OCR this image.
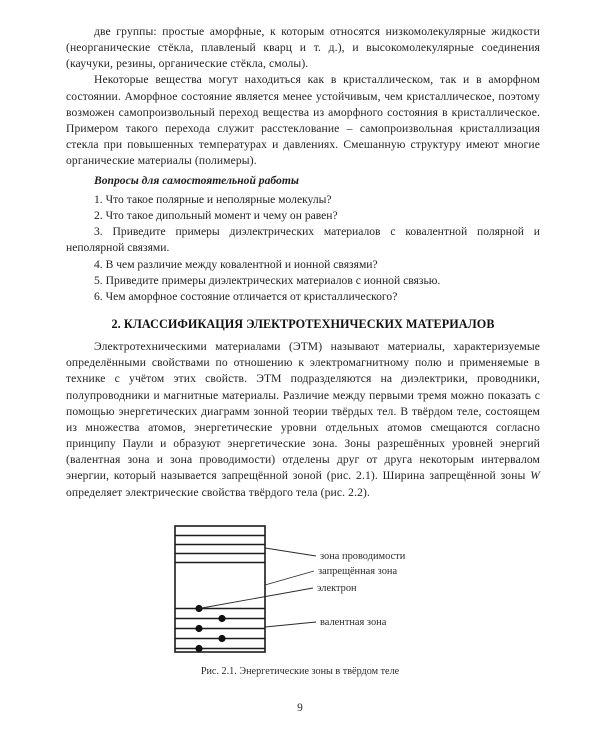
две группы: простые аморфные, к которым относятся низкомолекулярные жидкости (неорганические стёкла, плавленый кварц и т. д.), и высокомолекулярные соединения (каучуки, резины, органические стёкла, смолы).

Некоторые вещества могут находиться как в кристаллическом, так и в аморфном состоянии. Аморфное состояние является менее устойчивым, чем кристаллическое, поэтому возможен самопроизвольный переход вещества из аморфного состояния в кристаллическое. Примером такого перехода служит расстеклование – самопроизвольная кристаллизация стекла при повышенных температурах и давлениях. Смешанную структуру имеют многие органические материалы (полимеры).

Вопросы для самостоятельной работы

1. Что такое полярные и неполярные молекулы?
2. Что такое дипольный момент и чему он равен?
3. Приведите примеры диэлектрических материалов с ковалентной полярной и неполярной связями.
4. В чем различие между ковалентной и ионной связями?
5. Приведите примеры диэлектрических материалов с ионной связью.
6. Чем аморфное состояние отличается от кристаллического?
2. КЛАССИФИКАЦИЯ ЭЛЕКТРОТЕХНИЧЕСКИХ МАТЕРИАЛОВ

Электротехническими материалами (ЭТМ) называют материалы, характеризуемые определёнными свойствами по отношению к электромагнитному полю и применяемые в технике с учётом этих свойств. ЭТМ подразделяются на диэлектрики, проводники, полупроводники и магнитные материалы. Различие между первыми тремя можно показать с помощью энергетических диаграмм зонной теории твёрдых тел. В твёрдом теле, состоящем из множества атомов, энергетические уровни отдельных атомов смещаются согласно принципу Паули и образуют энергетические зона. Зоны разрешённых уровней энергий (валентная зона и зона проводимости) отделены друг от друга некоторым интервалом энергии, который называется запрещённой зоной (рис. 2.1). Ширина запрещённой зоны W определяет электрические свойства твёрдого тела (рис. 2.2).

зона проводимости
запрещённая зона
электрон
валентная зона
Рис. 2.1. Энергетические зоны в твёрдом теле
9
